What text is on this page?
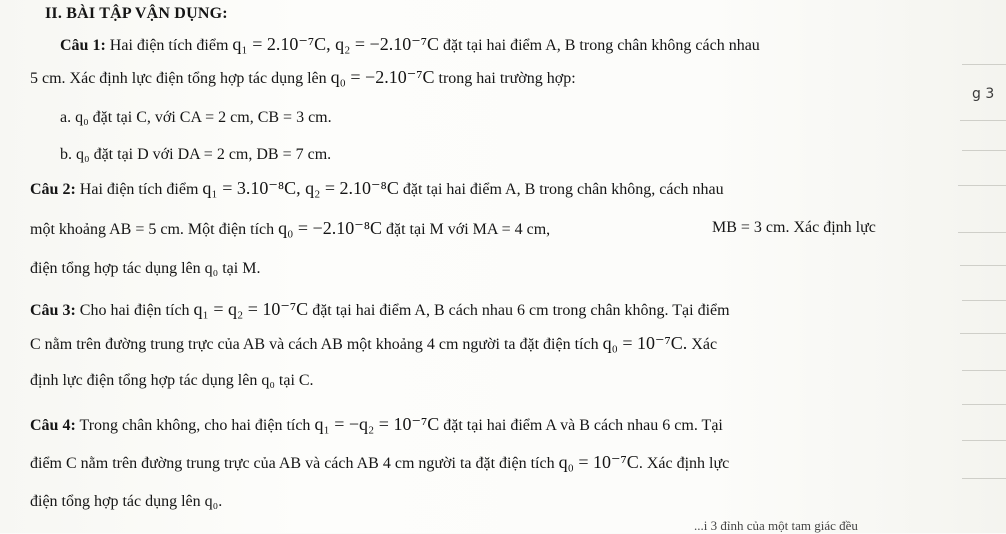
g 3
II. BÀI TẬP VẬN DỤNG:
Câu 1: Hai điện tích điểm q₁ = 2.10⁻⁷C, q₂ = −2.10⁻⁷C đặt tại hai điểm A, B trong chân không cách nhau
5 cm. Xác định lực điện tổng hợp tác dụng lên q₀ = −2.10⁻⁷C trong hai trường hợp:
a. q₀ đặt tại C, với CA = 2 cm, CB = 3 cm.
b. q₀ đặt tại D với DA = 2 cm, DB = 7 cm.
Câu 2: Hai điện tích điểm q₁ = 3.10⁻⁸C, q₂ = 2.10⁻⁸C đặt tại hai điểm A, B trong chân không, cách nhau
một khoảng AB = 5 cm. Một điện tích q₀ = −2.10⁻⁸C đặt tại M với MA = 4 cm,	MB = 3 cm. Xác định lực
điện tổng hợp tác dụng lên q₀ tại M.
Câu 3: Cho hai điện tích q₁ = q₂ = 10⁻⁷C đặt tại hai điểm A, B cách nhau 6 cm trong chân không. Tại điểm
C nằm trên đường trung trực của AB và cách AB một khoảng 4 cm người ta đặt điện tích q₀ = 10⁻⁷C. Xác
định lực điện tổng hợp tác dụng lên q₀ tại C.
Câu 4: Trong chân không, cho hai điện tích q₁ = −q₂ = 10⁻⁷C đặt tại hai điểm A và B cách nhau 6 cm. Tại
điểm C nằm trên đường trung trực của AB và cách AB 4 cm người ta đặt điện tích q₀ = 10⁻⁷C. Xác định lực
điện tổng hợp tác dụng lên q₀.
...i 3 đỉnh của một tam giác đều
